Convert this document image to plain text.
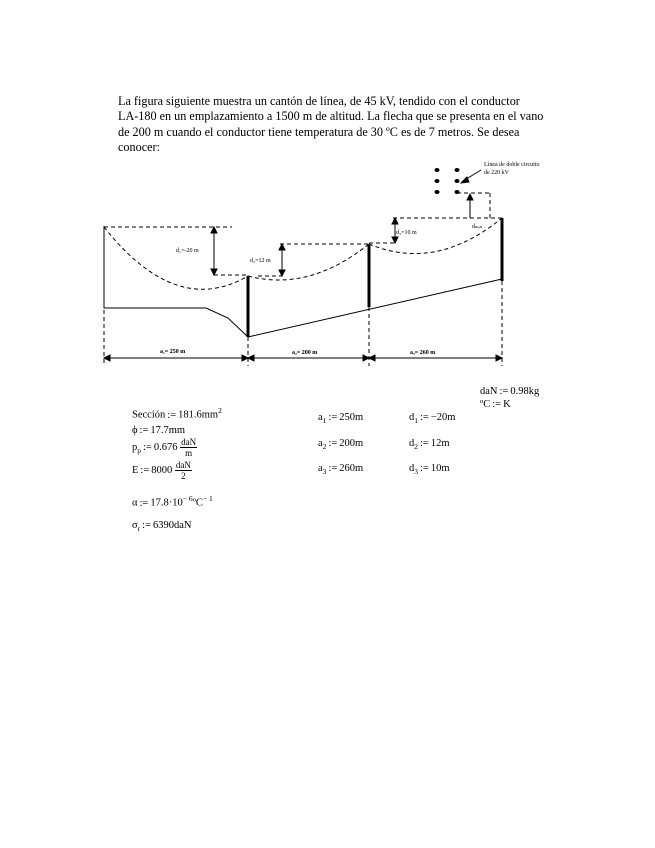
La figura siguiente muestra un cantón de línea, de 45 kV, tendido con el conductor
LA-180 en un emplazamiento a 1500 m de altitud. La flecha que se presenta en el vano
de 200 m cuando el conductor tiene temperatura de 30 ºC es de 7 metros. Se desea
conocer:
Línea de doble circuito
de 220 kV
d₁=-20 m
d₂=12 m
d₃=10 m
dₘᵢₙ
a₁= 250 m	a₂= 200 m	a₃= 260 m
daN := 0.98kg
ºC := K
Sección := $181.6mm^2$
ϕ := 17.7mm
$p_p$ := $0.676 \frac{\text{daN}}{m}$
E := $8000 \frac{\text{daN}}{2}$
α := $17.8\cdot 10^{- 6}ºC^{- 1}$
$\sigma_r$ := 6390daN
$a_1$ := 250m
$a_2$ := 200m
$a_3$ := 260m
$d_1$ := −20m
$d_2$ := 12m
$d_3$ := 10m
